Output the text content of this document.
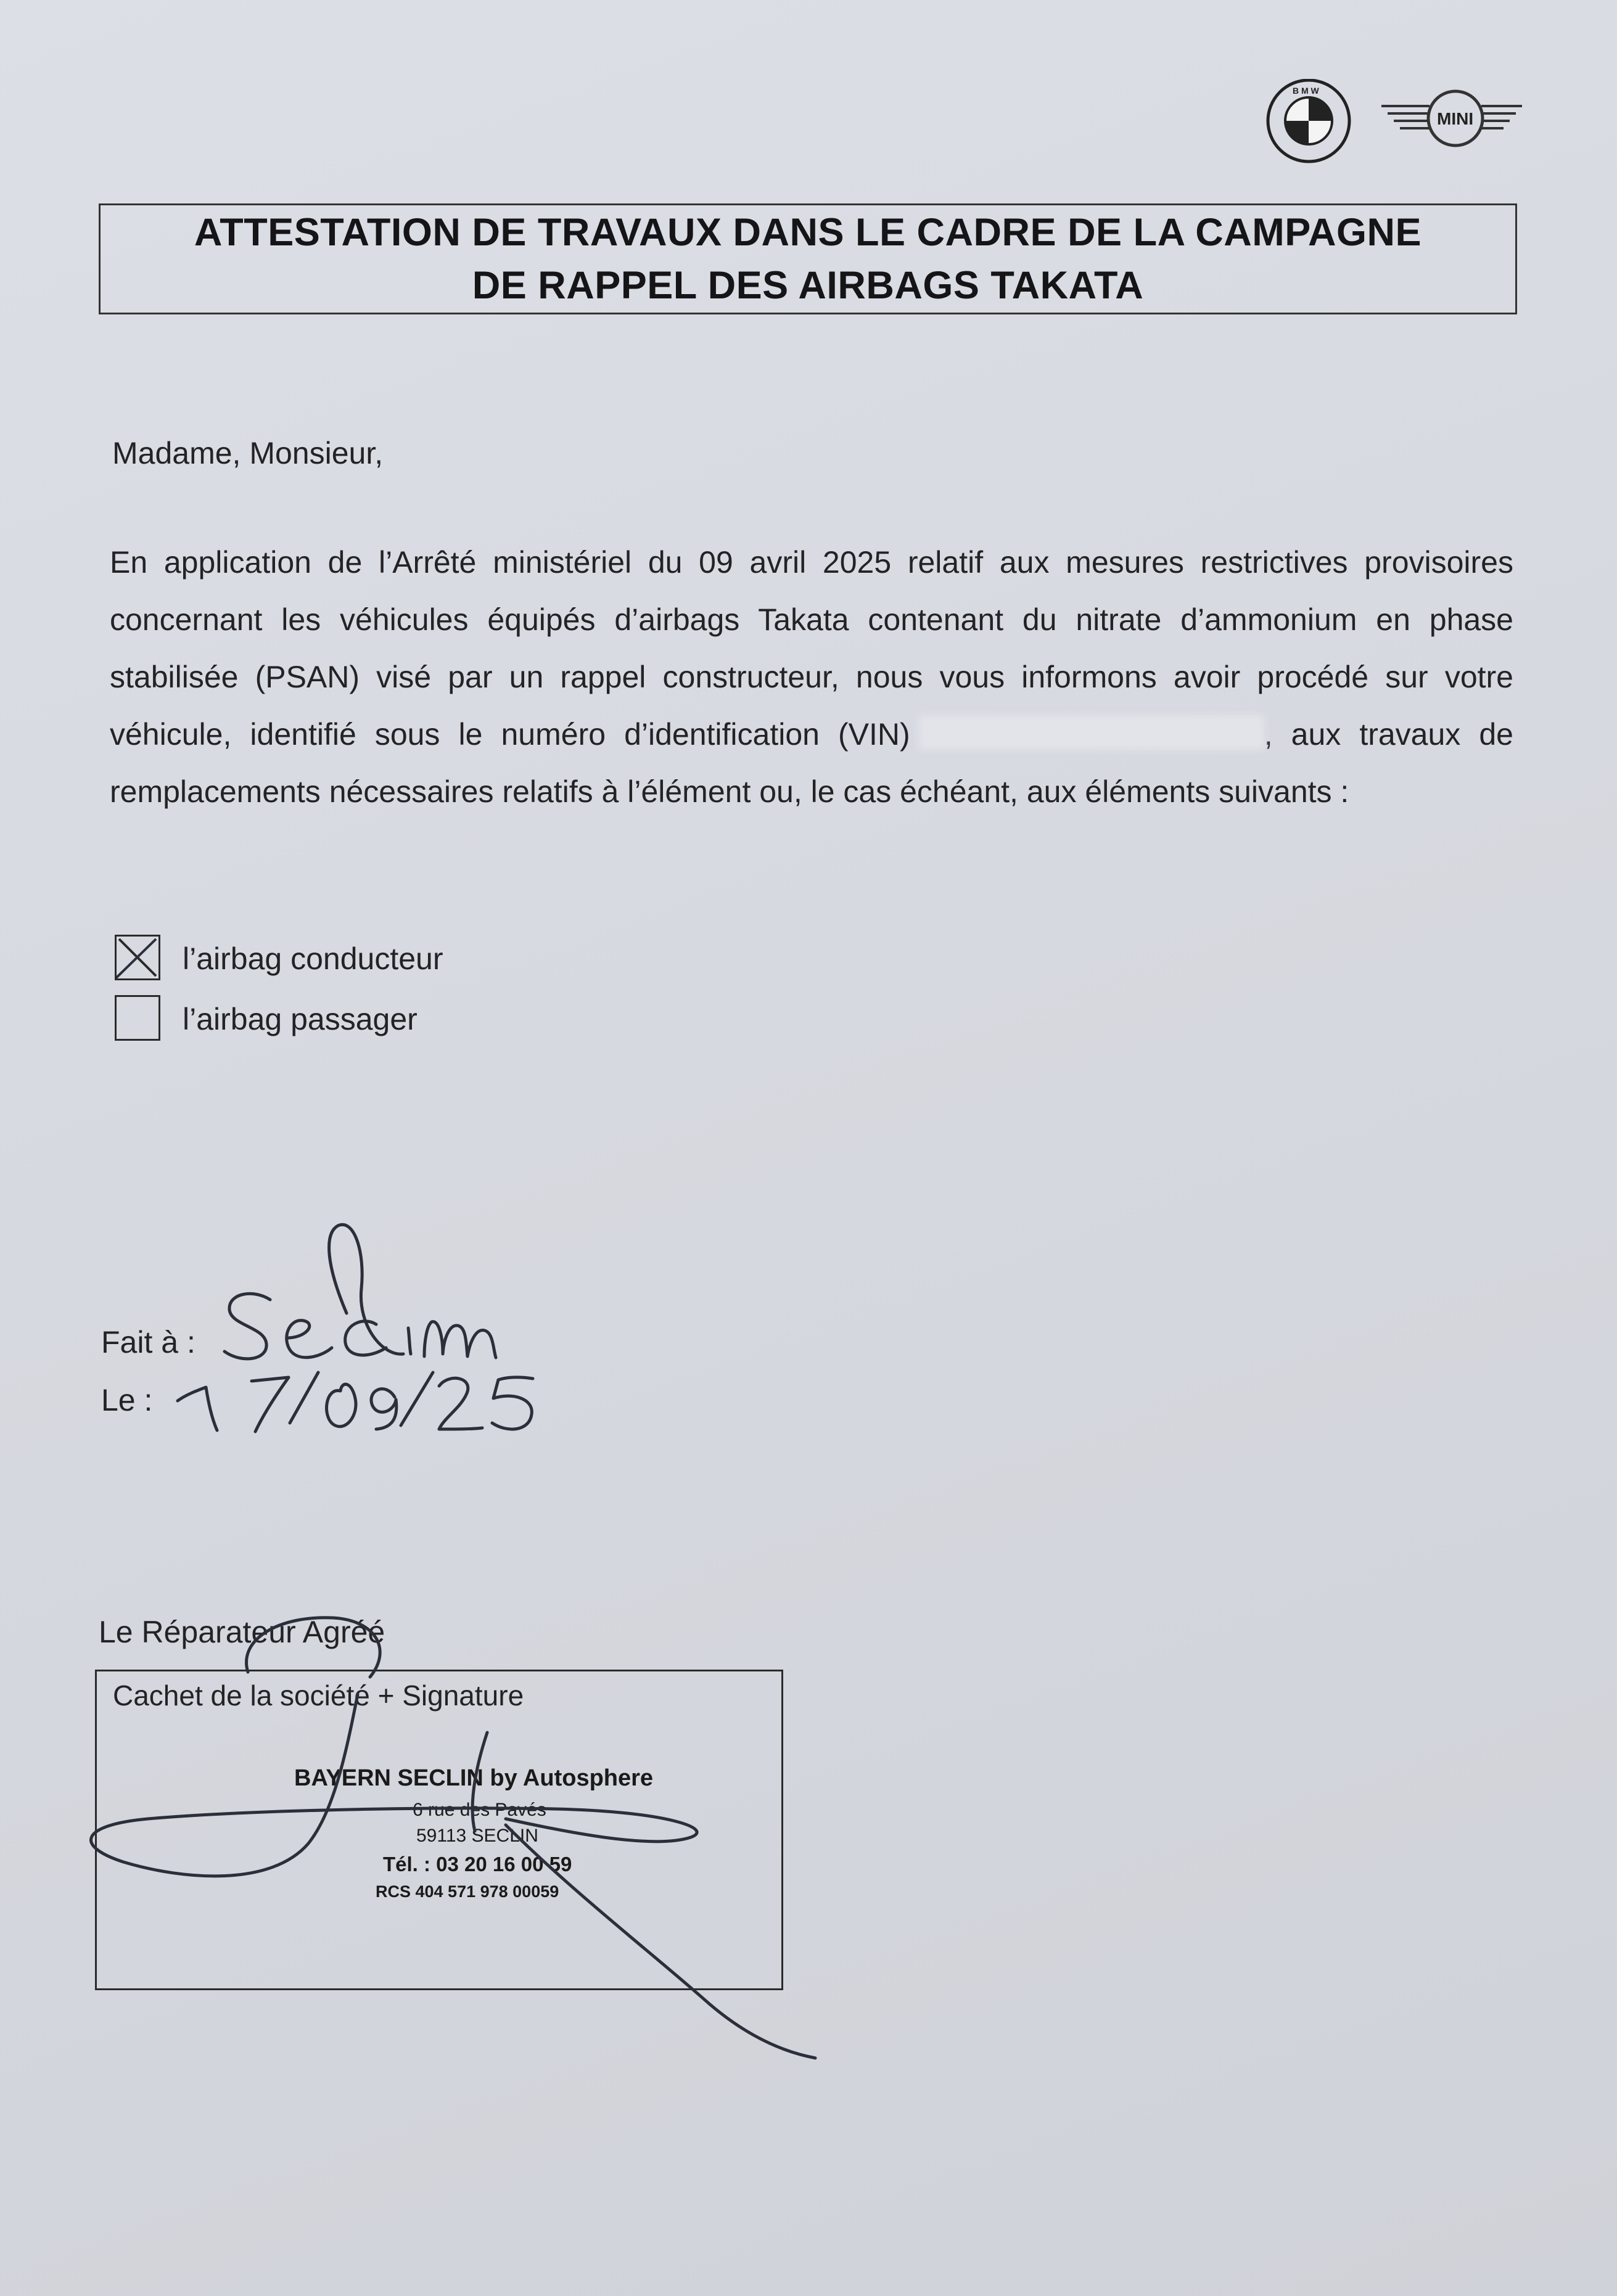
B M W
MINI
ATTESTATION DE TRAVAUX DANS LE CADRE DE LA CAMPAGNE
DE RAPPEL DES AIRBAGS TAKATA
Madame, Monsieur,
En application de l’Arrêté ministériel du 09 avril 2025 relatif aux mesures restrictives provisoires concernant les véhicules équipés d’airbags Takata contenant du nitrate d’ammonium en phase stabilisée (PSAN) visé par un rappel constructeur, nous vous informons avoir procédé sur votre véhicule, identifié sous le numéro d’identification (VIN)	, aux travaux de remplacements nécessaires relatifs à l’élément ou, le cas échéant, aux éléments suivants :
l’airbag conducteur
l’airbag passager
Fait à :
Le :
Le Réparateur Agréé
Cachet de la société + Signature
BAYERN SECLIN by Autosphere
6 rue des Pavés
59113 SECLIN
Tél. : 03 20 16 00 59
RCS 404 571 978 00059
